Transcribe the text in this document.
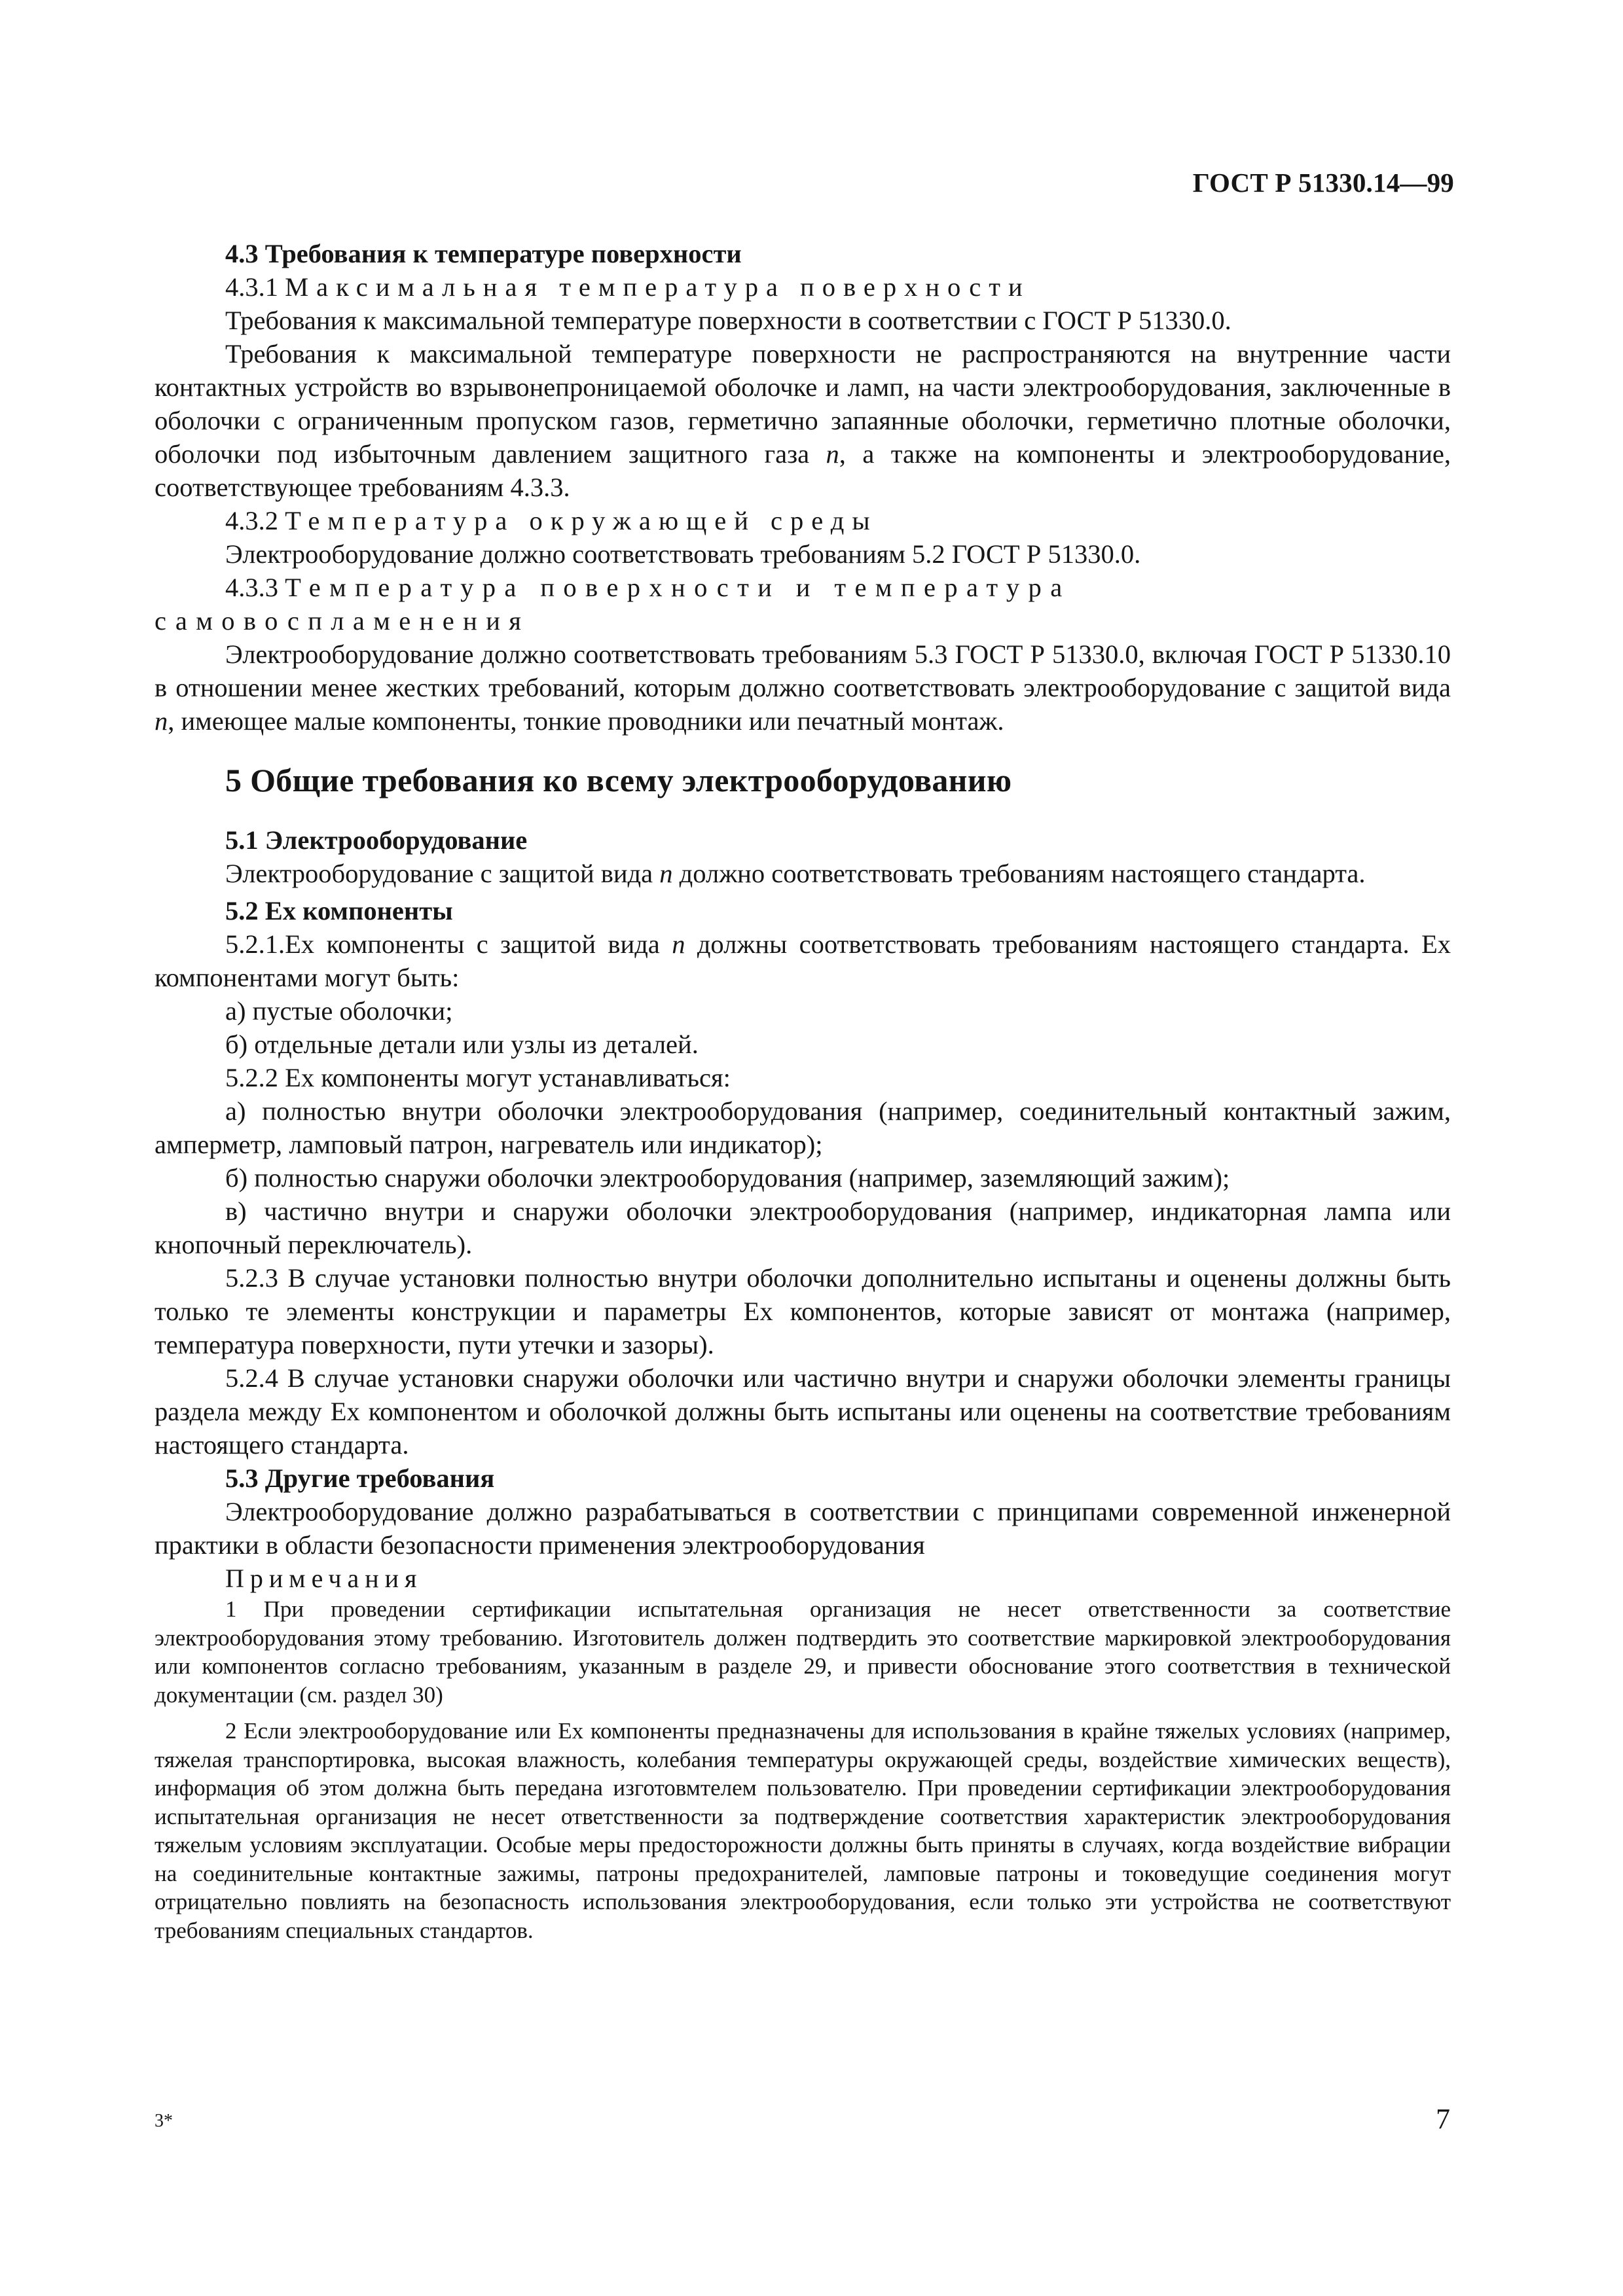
ГОСТ Р 51330.14—99

4.3 Требования к температуре поверхности

4.3.1 Максимальная температура поверхности

Требования к максимальной температуре поверхности в соответствии с ГОСТ Р 51330.0.

Требования к максимальной температуре поверхности не распространяются на внутренние части контактных устройств во взрывонепроницаемой оболочке и ламп, на части электрооборудования, заключенные в оболочки с ограниченным пропуском газов, герметично запаянные оболочки, герметично плотные оболочки, оболочки под избыточным давлением защитного газа n, а также на компоненты и электрооборудование, соответствующее требованиям 4.3.3.

4.3.2 Температура окружающей среды

Электрооборудование должно соответствовать требованиям 5.2 ГОСТ Р 51330.0.

4.3.3 Температура поверхности и температура самовоспламенения

Электрооборудование должно соответствовать требованиям 5.3 ГОСТ Р 51330.0, включая ГОСТ Р 51330.10 в отношении менее жестких требований, которым должно соответствовать электрооборудование с защитой вида n, имеющее малые компоненты, тонкие проводники или печатный монтаж.

5 Общие требования ко всему электрооборудованию

5.1 Электрооборудование

Электрооборудование с защитой вида n должно соответствовать требованиям настоящего стандарта.

5.2 Ех компоненты

5.2.1.Ех компоненты с защитой вида n должны соответствовать требованиям настоящего стандарта. Ех компонентами могут быть:

а) пустые оболочки;

б) отдельные детали или узлы из деталей.

5.2.2 Ех компоненты могут устанавливаться:

а) полностью внутри оболочки электрооборудования (например, соединительный контактный зажим, амперметр, ламповый патрон, нагреватель или индикатор);

б) полностью снаружи оболочки электрооборудования (например, заземляющий зажим);

в) частично внутри и снаружи оболочки электрооборудования (например, индикаторная лампа или кнопочный переключатель).

5.2.3 В случае установки полностью внутри оболочки дополнительно испытаны и оценены должны быть только те элементы конструкции и параметры Ех компонентов, которые зависят от монтажа (например, температура поверхности, пути утечки и зазоры).

5.2.4 В случае установки снаружи оболочки или частично внутри и снаружи оболочки элементы границы раздела между Ех компонентом и оболочкой должны быть испытаны или оценены на соответствие требованиям настоящего стандарта.

5.3 Другие требования

Электрооборудование должно разрабатываться в соответствии с принципами современной инженерной практики в области безопасности применения электрооборудования

Примечания

1 При проведении сертификации испытательная организация не несет ответственности за соответствие электрооборудования этому требованию. Изготовитель должен подтвердить это соответствие маркировкой электрооборудования или компонентов согласно требованиям, указанным в разделе 29, и привести обоснование этого соответствия в технической документации (см. раздел 30)

2 Если электрооборудование или Ех компоненты предназначены для использования в крайне тяжелых условиях (например, тяжелая транспортировка, высокая влажность, колебания температуры окружающей среды, воздействие химических веществ), информация об этом должна быть передана изготовмтелем пользователю. При проведении сертификации электрооборудования испытательная организация не несет ответственности за подтверждение соответствия характеристик электрооборудования тяжелым условиям эксплуатации. Особые меры предосторожности должны быть приняты в случаях, когда воздействие вибрации на соединительные контактные зажимы, патроны предохранителей, ламповые патроны и токоведущие соединения могут отрицательно повлиять на безопасность использования электрооборудования, если только эти устройства не соответствуют требованиям специальных стандартов.

3*	7
